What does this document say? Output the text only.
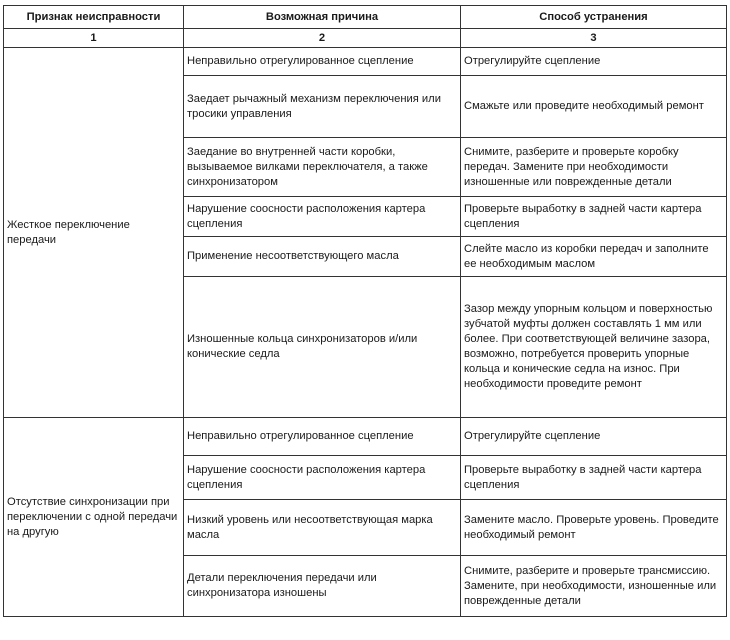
Признак неисправности	Возможная причина	Способ устранения
1	2	3
Жесткое переключение передачи	Неправильно отрегулированное сцепление	Отрегулируйте сцепление
	Заедает рычажный механизм переключения или тросики управления	Смажьте или проведите необходимый ремонт
	Заедание во внутренней части коробки, вызываемое вилками переключателя, а также синхронизатором	Снимите, разберите и проверьте коробку передач. Замените при необходимости изношенные или поврежденные детали
	Нарушение соосности расположения картера сцепления	Проверьте выработку в задней части картера сцепления
	Применение несоответствующего масла	Слейте масло из коробки передач и заполните ее необходимым маслом
	Изношенные кольца синхронизаторов и/или конические седла	Зазор между упорным кольцом и поверхностью зубчатой муфты должен составлять 1 мм или более. При соответствующей величине зазора, возможно, потребуется проверить упорные кольца и конические седла на износ. При необходимости проведите ремонт
Отсутствие синхронизации при переключении с одной передачи на другую	Неправильно отрегулированное сцепление	Отрегулируйте сцепление
	Нарушение соосности расположения картера сцепления	Проверьте выработку в задней части картера сцепления
	Низкий уровень или несоответствующая марка масла	Замените масло. Проверьте уровень. Проведите необходимый ремонт
	Детали переключения передачи или синхронизатора изношены	Снимите, разберите и проверьте трансмиссию. Замените, при необходимости, изношенные или поврежденные детали
